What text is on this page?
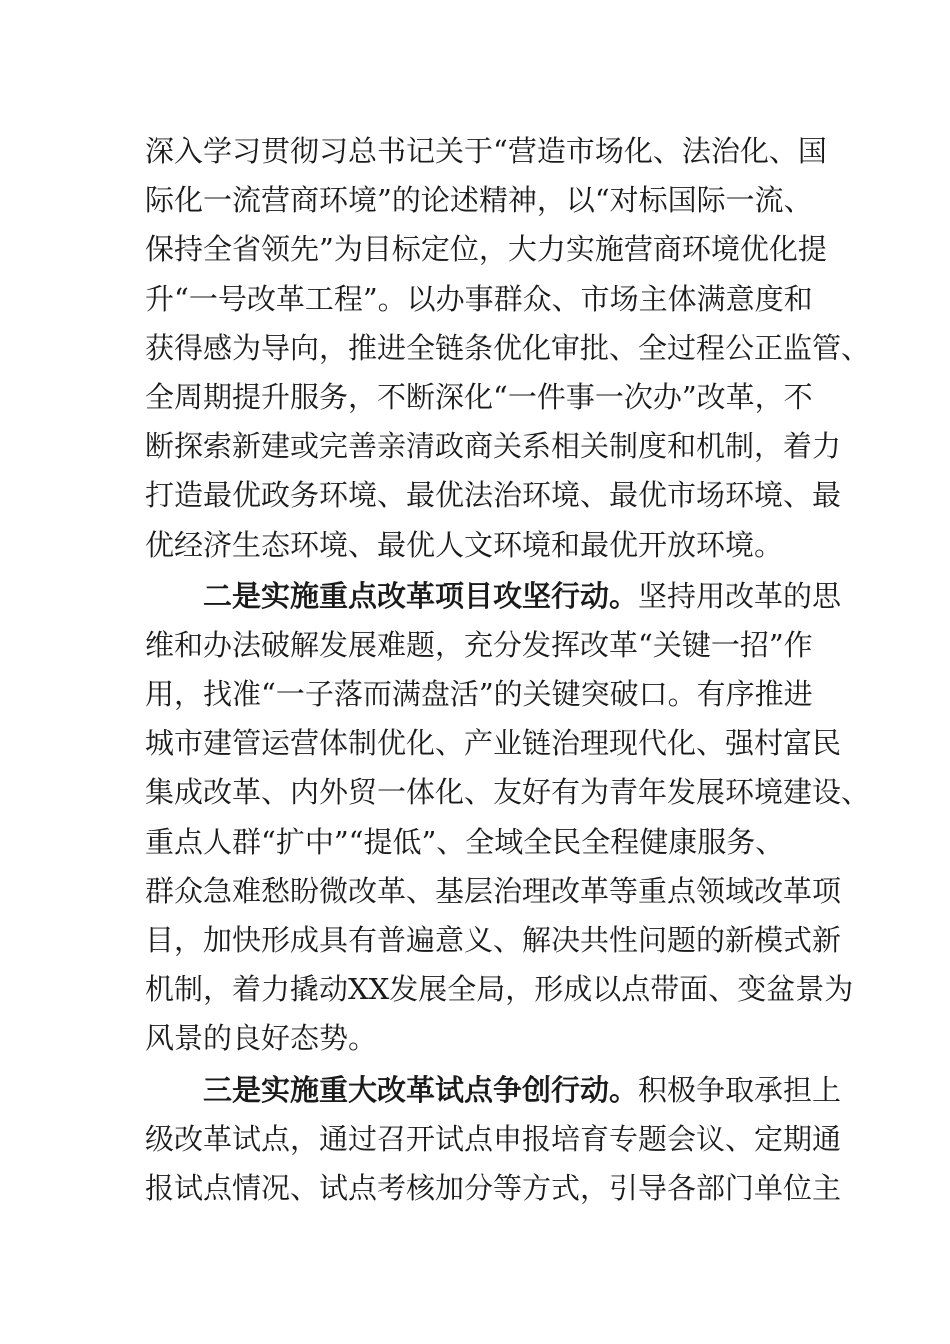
深入学习贯彻习总书记关于“营造市场化、法治化、国
际化一流营商环境”的论述精神，以“对标国际一流、
保持全省领先”为目标定位，大力实施营商环境优化提
升“一号改革工程”。以办事群众、市场主体满意度和
获得感为导向，推进全链条优化审批、全过程公正监管、
全周期提升服务，不断深化“一件事一次办”改革，不
断探索新建或完善亲清政商关系相关制度和机制，着力
打造最优政务环境、最优法治环境、最优市场环境、最
优经济生态环境、最优人文环境和最优开放环境。
　　二是实施重点改革项目攻坚行动。坚持用改革的思
维和办法破解发展难题，充分发挥改革“关键一招”作
用，找准“一子落而满盘活”的关键突破口。有序推进
城市建管运营体制优化、产业链治理现代化、强村富民
集成改革、内外贸一体化、友好有为青年发展环境建设、
重点人群“扩中”“提低”、全域全民全程健康服务、
群众急难愁盼微改革、基层治理改革等重点领域改革项
目，加快形成具有普遍意义、解决共性问题的新模式新
机制，着力撬动XX发展全局，形成以点带面、变盆景为
风景的良好态势。
　　三是实施重大改革试点争创行动。积极争取承担上
级改革试点，通过召开试点申报培育专题会议、定期通
报试点情况、试点考核加分等方式，引导各部门单位主
